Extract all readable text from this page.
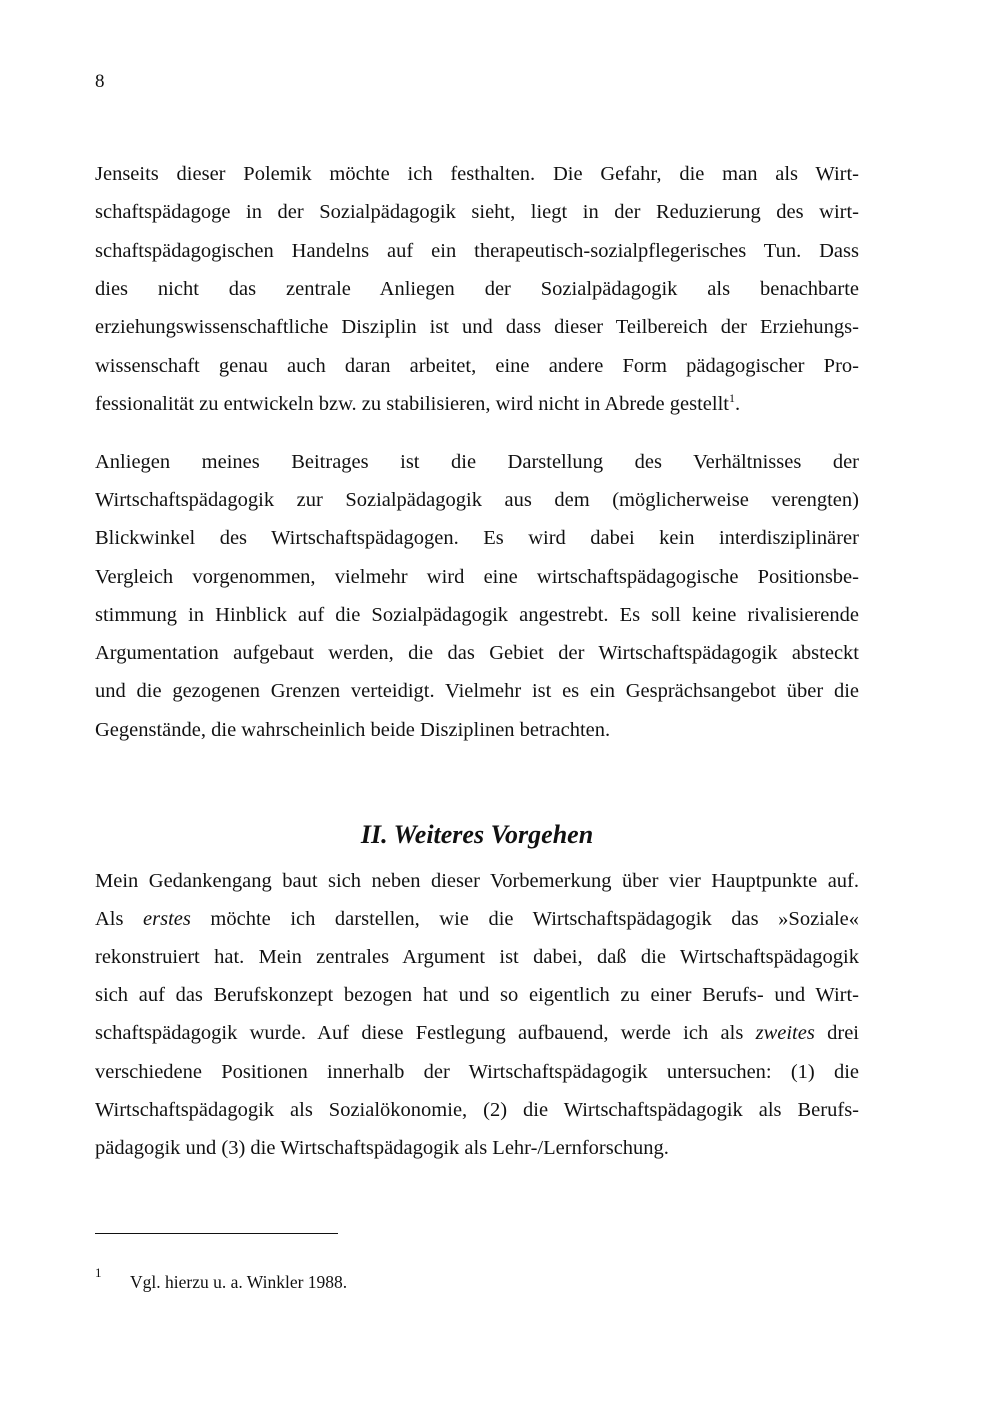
8
Jenseits dieser Polemik möchte ich festhalten. Die Gefahr, die man als Wirt-
schaftspädagoge in der Sozialpädagogik sieht, liegt in der Reduzierung des wirt-
schaftspädagogischen Handelns auf ein therapeutisch-sozialpflegerisches Tun. Dass
dies nicht das zentrale Anliegen der Sozialpädagogik als benachbarte
erziehungswissenschaftliche Disziplin ist und dass dieser Teilbereich der Erziehungs-
wissenschaft genau auch daran arbeitet, eine andere Form pädagogischer Pro-
fessionalität zu entwickeln bzw. zu stabilisieren, wird nicht in Abrede gestellt$^1$.
Anliegen meines Beitrages ist die Darstellung des Verhältnisses der
Wirtschaftspädagogik zur Sozialpädagogik aus dem (möglicherweise verengten)
Blickwinkel des Wirtschaftspädagogen. Es wird dabei kein interdisziplinärer
Vergleich vorgenommen, vielmehr wird eine wirtschaftspädagogische Positionsbe-
stimmung in Hinblick auf die Sozialpädagogik angestrebt. Es soll keine rivalisierende
Argumentation aufgebaut werden, die das Gebiet der Wirtschaftspädagogik absteckt
und die gezogenen Grenzen verteidigt. Vielmehr ist es ein Gesprächsangebot über die
Gegenstände, die wahrscheinlich beide Disziplinen betrachten.
II. Weiteres Vorgehen
Mein Gedankengang baut sich neben dieser Vorbemerkung über vier Hauptpunkte auf.
Als erstes möchte ich darstellen, wie die Wirtschaftspädagogik das »Soziale«
rekonstruiert hat. Mein zentrales Argument ist dabei, daß die Wirtschaftspädagogik
sich auf das Berufskonzept bezogen hat und so eigentlich zu einer Berufs- und Wirt-
schaftspädagogik wurde. Auf diese Festlegung aufbauend, werde ich als zweites drei
verschiedene Positionen innerhalb der Wirtschaftspädagogik untersuchen: (1) die
Wirtschaftspädagogik als Sozialökonomie, (2) die Wirtschaftspädagogik als Berufs-
pädagogik und (3) die Wirtschaftspädagogik als Lehr-/Lernforschung.
1 Vgl. hierzu u. a. Winkler 1988.
